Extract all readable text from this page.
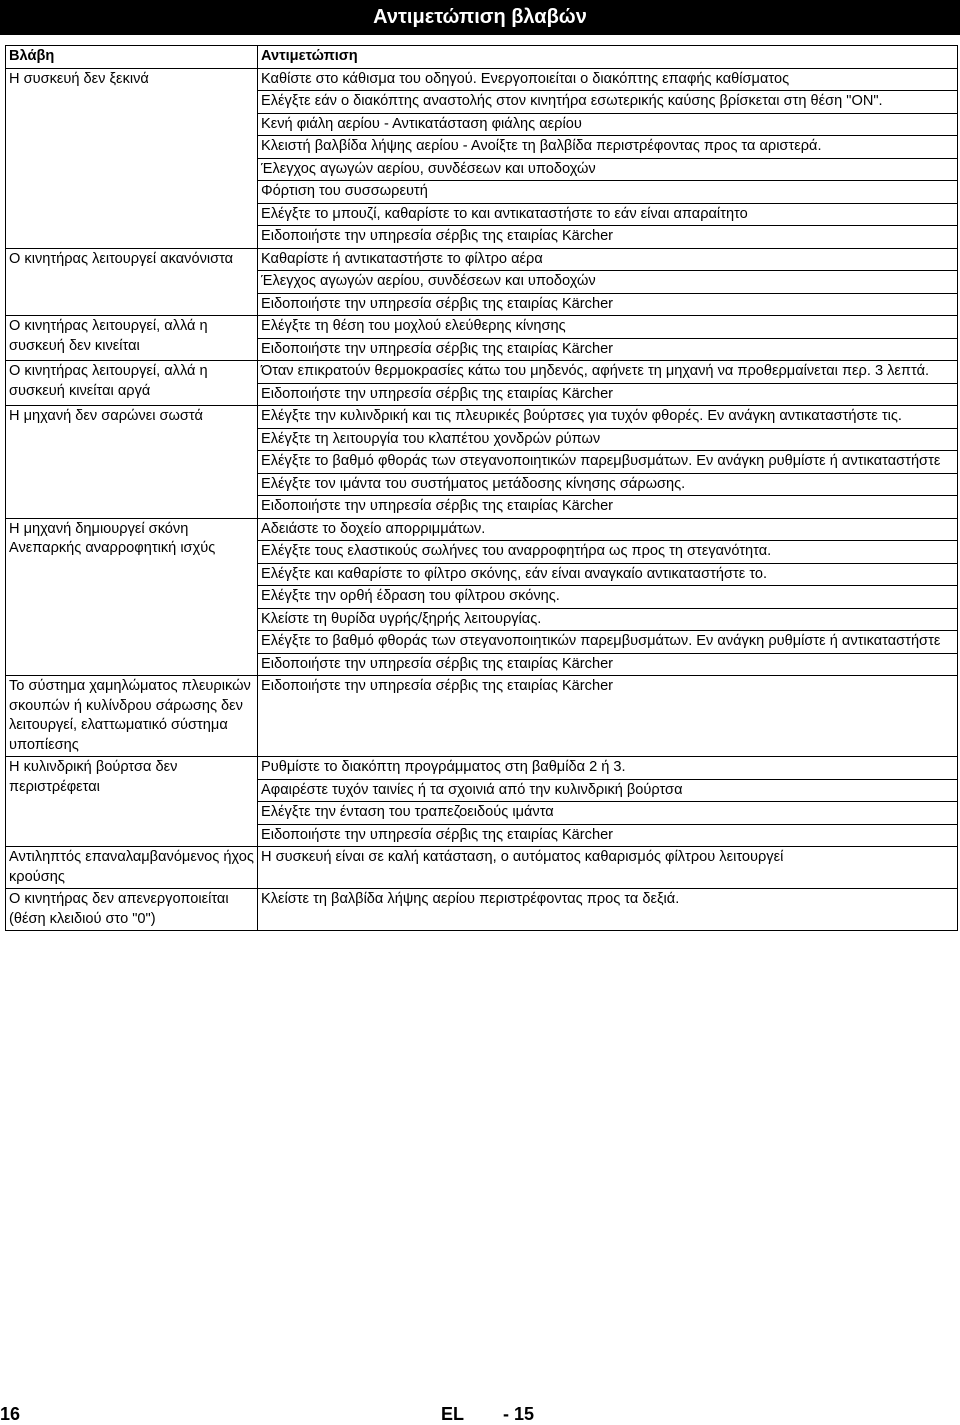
Αντιμετώπιση βλαβών
Βλάβη	Αντιμετώπιση
Η συσκευή δεν ξεκινά	Καθίστε στο κάθισμα του οδηγού. Ενεργοποιείται ο διακόπτης επαφής καθίσματος
	Ελέγξτε εάν ο διακόπτης αναστολής στον κινητήρα εσωτερικής καύσης βρίσκεται στη θέση "ON".
	Κενή φιάλη αερίου - Αντικατάσταση φιάλης αερίου
	Κλειστή βαλβίδα λήψης αερίου - Ανοίξτε τη βαλβίδα περιστρέφοντας προς τα αριστερά.
	Έλεγχος αγωγών αερίου, συνδέσεων και υποδοχών
	Φόρτιση του συσσωρευτή
	Ελέγξτε το μπουζί, καθαρίστε το και αντικαταστήστε το εάν είναι απαραίτητο
	Ειδοποιήστε την υπηρεσία σέρβις της εταιρίας Kärcher
Ο κινητήρας λειτουργεί ακανόνιστα	Καθαρίστε ή αντικαταστήστε το φίλτρο αέρα
	Έλεγχος αγωγών αερίου, συνδέσεων και υποδοχών
	Ειδοποιήστε την υπηρεσία σέρβις της εταιρίας Kärcher
Ο κινητήρας λειτουργεί, αλλά η συσκευή δεν κινείται	Ελέγξτε τη θέση του μοχλού ελεύθερης κίνησης
	Ειδοποιήστε την υπηρεσία σέρβις της εταιρίας Kärcher
Ο κινητήρας λειτουργεί, αλλά η συσκευή κινείται αργά	Όταν επικρατούν θερμοκρασίες κάτω του μηδενός, αφήνετε τη μηχανή να προθερμαίνεται περ. 3 λεπτά.
	Ειδοποιήστε την υπηρεσία σέρβις της εταιρίας Kärcher
Η μηχανή δεν σαρώνει σωστά	Ελέγξτε την κυλινδρική και τις πλευρικές βούρτσες για τυχόν φθορές. Εν ανάγκη αντικαταστήστε τις.
	Ελέγξτε τη λειτουργία του κλαπέτου χονδρών ρύπων
	Ελέγξτε το βαθμό φθοράς των στεγανοποιητικών παρεμβυσμάτων. Εν ανάγκη ρυθμίστε ή αντικαταστήστε
	Ελέγξτε τον ιμάντα του συστήματος μετάδοσης κίνησης σάρωσης.
	Ειδοποιήστε την υπηρεσία σέρβις της εταιρίας Kärcher
Η μηχανή δημιουργεί σκόνη
Ανεπαρκής αναρροφητική ισχύς	Αδειάστε το δοχείο απορριμμάτων.
	Ελέγξτε τους ελαστικούς σωλήνες του αναρροφητήρα ως προς τη στεγανότητα.
	Ελέγξτε και καθαρίστε το φίλτρο σκόνης, εάν είναι αναγκαίο αντικαταστήστε το.
	Ελέγξτε την ορθή έδραση του φίλτρου σκόνης.
	Κλείστε τη θυρίδα υγρής/ξηρής λειτουργίας.
	Ελέγξτε το βαθμό φθοράς των στεγανοποιητικών παρεμβυσμάτων. Εν ανάγκη ρυθμίστε ή αντικαταστήστε
	Ειδοποιήστε την υπηρεσία σέρβις της εταιρίας Kärcher
Το σύστημα χαμηλώματος πλευρικών σκουπών ή κυλίνδρου σάρωσης δεν λειτουργεί, ελαττωματικό σύστημα υποπίεσης	Ειδοποιήστε την υπηρεσία σέρβις της εταιρίας Kärcher
Η κυλινδρική βούρτσα δεν περιστρέφεται	Ρυθμίστε το διακόπτη προγράμματος στη βαθμίδα 2 ή 3.
	Αφαιρέστε τυχόν ταινίες ή τα σχοινιά από την κυλινδρική βούρτσα
	Ελέγξτε την ένταση του τραπεζοειδούς ιμάντα
	Ειδοποιήστε την υπηρεσία σέρβις της εταιρίας Kärcher
Αντιληπτός επαναλαμβανόμενος ήχος κρούσης	Η συσκευή είναι σε καλή κατάσταση, ο αυτόματος καθαρισμός φίλτρου λειτουργεί
Ο κινητήρας δεν απενεργοποιείται (θέση κλειδιού στο "0")	Κλείστε τη βαλβίδα λήψης αερίου περιστρέφοντας προς τα δεξιά.
16	EL - 15
